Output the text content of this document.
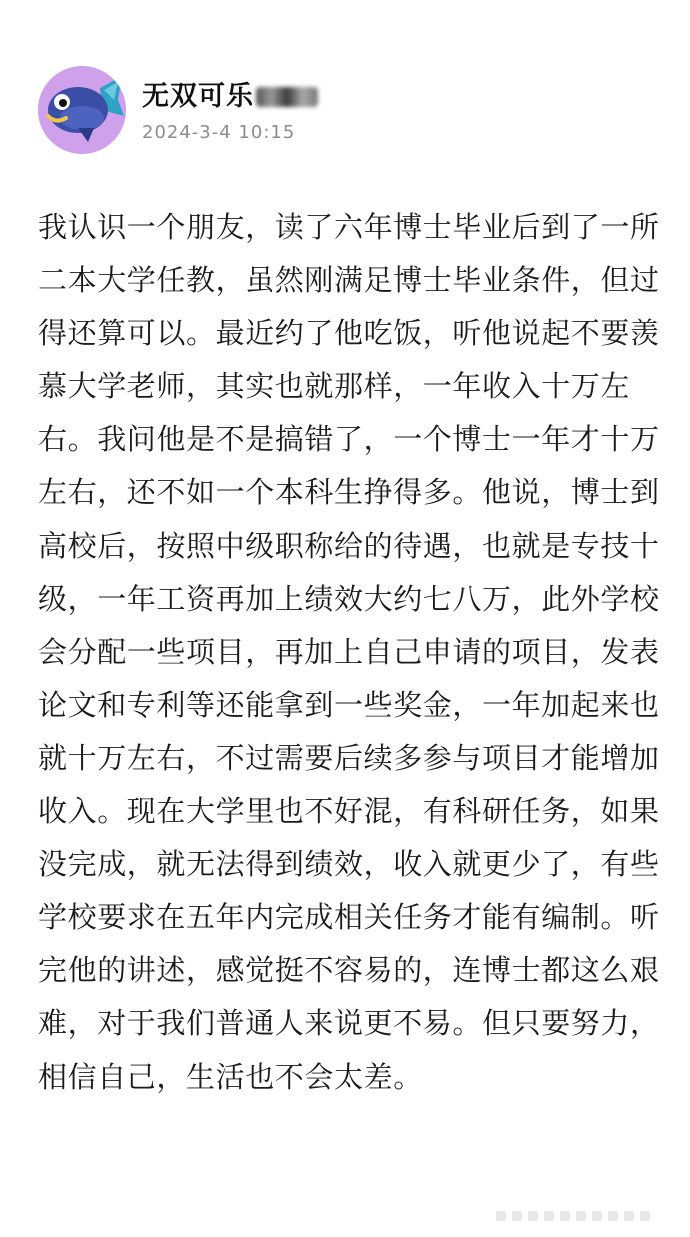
无双可乐
2024-3-4 10:15

我认识一个朋友，读了六年博士毕业后到了一所二本大学任教，虽然刚满足博士毕业条件，但过得还算可以。最近约了他吃饭，听他说起不要羡慕大学老师，其实也就那样，一年收入十万左右。我问他是不是搞错了，一个博士一年才十万左右，还不如一个本科生挣得多。他说，博士到高校后，按照中级职称给的待遇，也就是专技十级，一年工资再加上绩效大约七八万，此外学校会分配一些项目，再加上自己申请的项目，发表论文和专利等还能拿到一些奖金，一年加起来也就十万左右，不过需要后续多参与项目才能增加收入。现在大学里也不好混，有科研任务，如果没完成，就无法得到绩效，收入就更少了，有些学校要求在五年内完成相关任务才能有编制。听完他的讲述，感觉挺不容易的，连博士都这么艰难，对于我们普通人来说更不易。但只要努力，相信自己，生活也不会太差。
